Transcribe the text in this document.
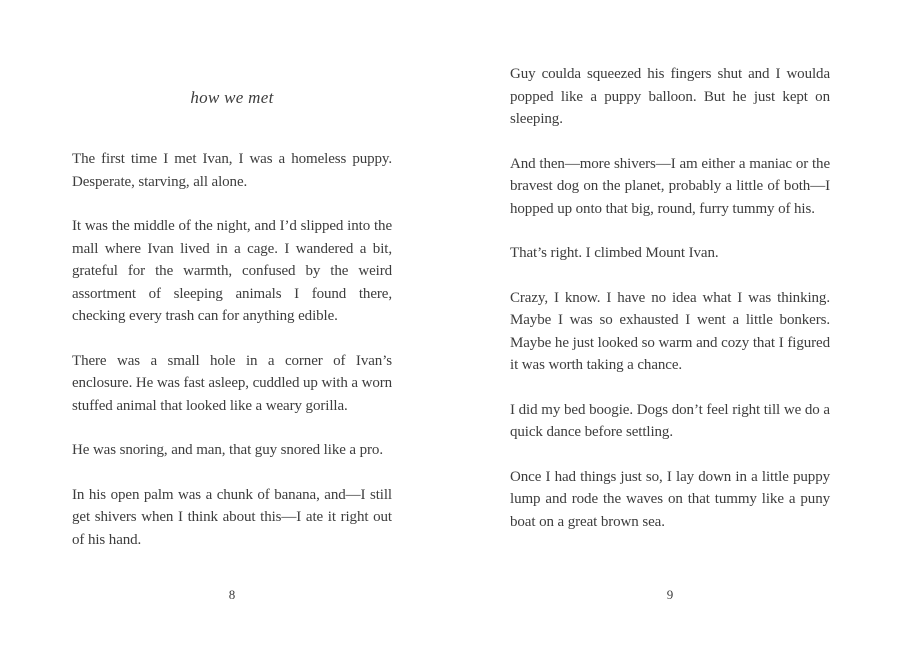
how we met

The first time I met Ivan, I was a homeless puppy. Desperate, starving, all alone.

It was the middle of the night, and I’d slipped into the mall where Ivan lived in a cage. I wandered a bit, grateful for the warmth, confused by the weird assortment of sleeping animals I found there, checking every trash can for anything edible.

There was a small hole in a corner of Ivan’s enclosure. He was fast asleep, cuddled up with a worn stuffed animal that looked like a weary gorilla.

He was snoring, and man, that guy snored like a pro.

In his open palm was a chunk of banana, and—I still get shivers when I think about this—I ate it right out of his hand.

8

Guy coulda squeezed his fingers shut and I woulda popped like a puppy balloon. But he just kept on sleeping.

And then—more shivers—I am either a maniac or the bravest dog on the planet, probably a little of both—I hopped up onto that big, round, furry tummy of his.

That’s right. I climbed Mount Ivan.

Crazy, I know. I have no idea what I was thinking. Maybe I was so exhausted I went a little bonkers. Maybe he just looked so warm and cozy that I figured it was worth taking a chance.

I did my bed boogie. Dogs don’t feel right till we do a quick dance before settling.

Once I had things just so, I lay down in a little puppy lump and rode the waves on that tummy like a puny boat on a great brown sea.

9
